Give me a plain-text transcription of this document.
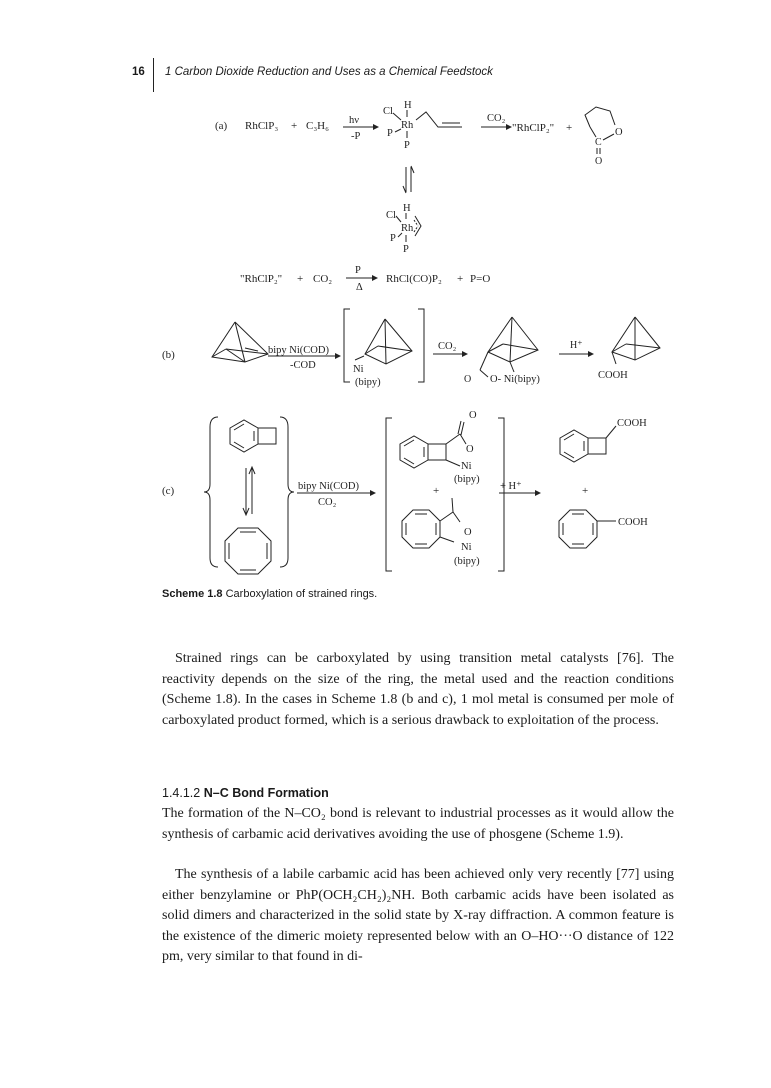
16 1 Carbon Dioxide Reduction and Uses as a Chemical Feedstock
(a) RhClP₃ + C₃H₆ hν
-P
H
Cl
Rh
P
P
CO₂
"RhClP₂" +
C
O
O
H
Cl
Rh
P
P
"RhClP₂" + CO₂
P
Δ
RhCl(CO)P₂ + P=O
(b)	bipy Ni(COD)
-COD	Ni
(bipy)
CO₂
O O- Ni(bipy)
H⁺
COOH
(c)	bipy Ni(COD)
CO₂
O
O
Ni
(bipy)
+
O
Ni
(bipy)
+ H⁺
COOH
+
COOH
Scheme 1.8 Carboxylation of strained rings.
Strained rings can be carboxylated by using transition metal catalysts [76]. The reactivity depends on the size of the ring, the metal used and the reaction conditions (Scheme 1.8). In the cases in Scheme 1.8 (b and c), 1 mol metal is consumed per mole of carboxylated product formed, which is a serious drawback to exploitation of the process.
1.4.1.2 N–C Bond Formation
The formation of the N–CO₂ bond is relevant to industrial processes as it would allow the synthesis of carbamic acid derivatives avoiding the use of phosgene (Scheme 1.9).
The synthesis of a labile carbamic acid has been achieved only very recently [77] using either benzylamine or PhP(OCH₂CH₂)₂NH. Both carbamic acids have been isolated as solid dimers and characterized in the solid state by X-ray diffraction. A common feature is the existence of the dimeric moiety represented below with an O–HO···O distance of 122 pm, very similar to that found in di-
